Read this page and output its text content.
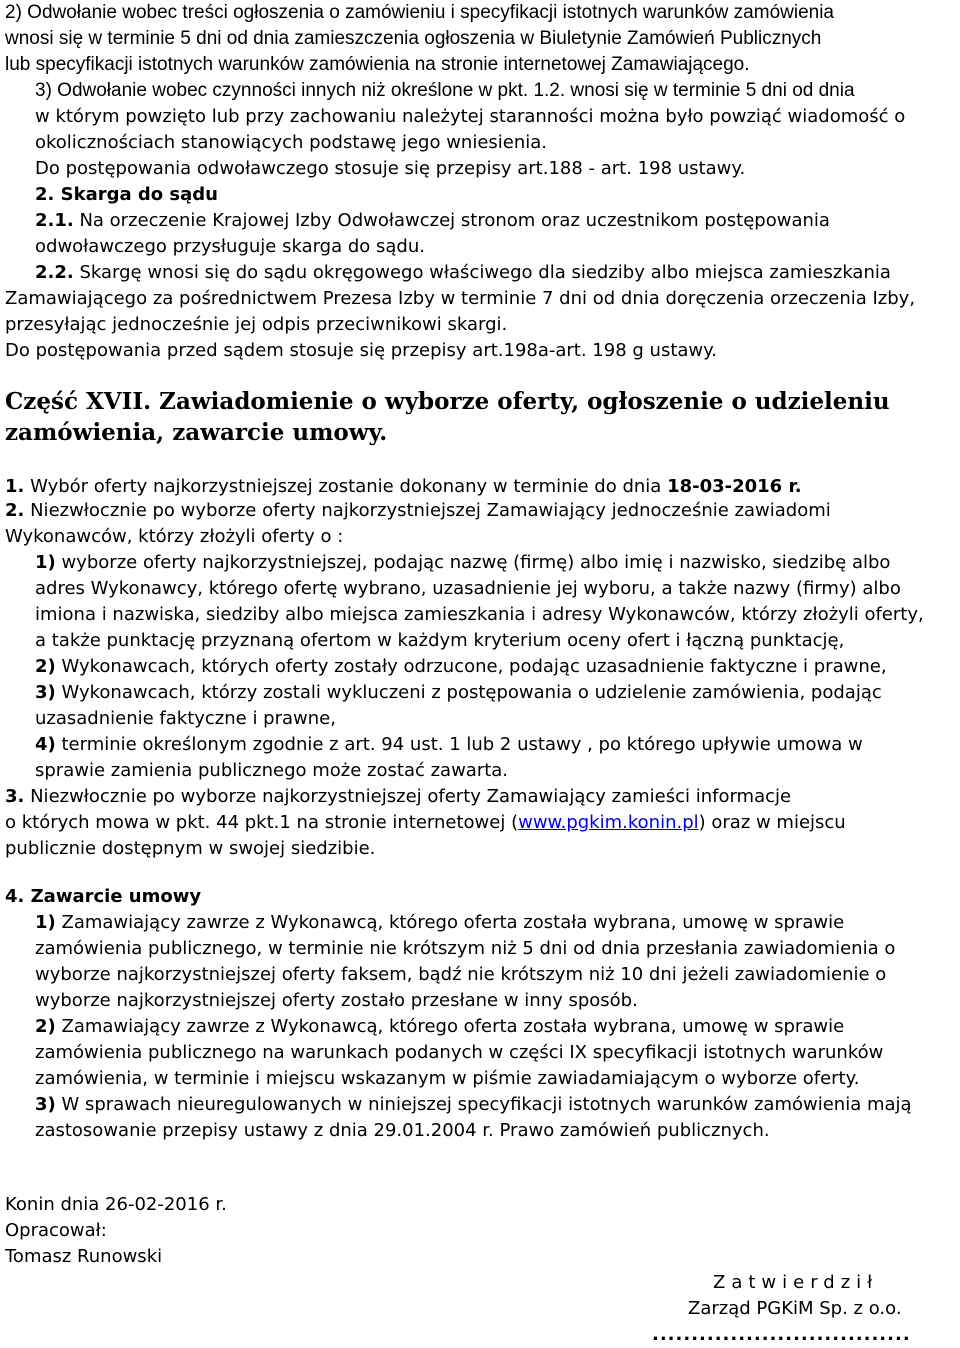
2) Odwołanie wobec treści ogłoszenia o zamówieniu i specyfikacji istotnych warunków zamówienia
wnosi się w terminie 5 dni od dnia zamieszczenia ogłoszenia w Biuletynie Zamówień Publicznych
lub specyfikacji istotnych warunków zamówienia na stronie internetowej Zamawiającego.
3) Odwołanie wobec czynności innych niż określone w pkt. 1.2. wnosi się w terminie 5 dni od dnia
w którym powzięto lub przy zachowaniu należytej staranności można było powziąć wiadomość o
okolicznościach stanowiących podstawę jego wniesienia.
Do postępowania odwoławczego stosuje się przepisy art.188 - art. 198 ustawy.
2. Skarga do sądu
2.1. Na orzeczenie Krajowej Izby Odwoławczej stronom oraz uczestnikom postępowania
odwoławczego przysługuje skarga do sądu.
2.2. Skargę wnosi się do sądu okręgowego właściwego dla siedziby albo miejsca zamieszkania
Zamawiającego za pośrednictwem Prezesa Izby w terminie 7 dni od dnia doręczenia orzeczenia Izby,
przesyłając jednocześnie jej odpis przeciwnikowi skargi.
Do postępowania przed sądem stosuje się przepisy art.198a-art. 198 g ustawy.
Część XVII. Zawiadomienie o wyborze oferty, ogłoszenie o udzieleniu
zamówienia, zawarcie umowy.
1. Wybór oferty najkorzystniejszej zostanie dokonany w terminie do dnia 18-03-2016 r.
2. Niezwłocznie po wyborze oferty najkorzystniejszej Zamawiający jednocześnie zawiadomi
Wykonawców, którzy złożyli oferty o :
1) wyborze oferty najkorzystniejszej, podając nazwę (firmę) albo imię i nazwisko, siedzibę albo
adres Wykonawcy, którego ofertę wybrano, uzasadnienie jej wyboru, a także nazwy (firmy) albo
imiona i nazwiska, siedziby albo miejsca zamieszkania i adresy Wykonawców, którzy złożyli oferty,
a także punktację przyznaną ofertom w każdym kryterium oceny ofert i łączną punktację,
2) Wykonawcach, których oferty zostały odrzucone, podając uzasadnienie faktyczne i prawne,
3) Wykonawcach, którzy zostali wykluczeni z postępowania o udzielenie zamówienia, podając
uzasadnienie faktyczne i prawne,
4) terminie określonym zgodnie z art. 94 ust. 1 lub 2 ustawy , po którego upływie umowa w
sprawie zamienia publicznego może zostać zawarta.
3. Niezwłocznie po wyborze najkorzystniejszej oferty Zamawiający zamieści informacje
o których mowa w pkt. 44 pkt.1 na stronie internetowej (www.pgkim.konin.pl) oraz w miejscu
publicznie dostępnym w swojej siedzibie.
4. Zawarcie umowy
1) Zamawiający zawrze z Wykonawcą, którego oferta została wybrana, umowę w sprawie
zamówienia publicznego, w terminie nie krótszym niż 5 dni od dnia przesłania zawiadomienia o
wyborze najkorzystniejszej oferty faksem, bądź nie krótszym niż 10 dni jeżeli zawiadomienie o
wyborze najkorzystniejszej oferty zostało przesłane w inny sposób.
2) Zamawiający zawrze z Wykonawcą, którego oferta została wybrana, umowę w sprawie
zamówienia publicznego na warunkach podanych w części IX specyfikacji istotnych warunków
zamówienia, w terminie i miejscu wskazanym w piśmie zawiadamiającym o wyborze oferty.
3) W sprawach nieuregulowanych w niniejszej specyfikacji istotnych warunków zamówienia mają
zastosowanie przepisy ustawy z dnia 29.01.2004 r. Prawo zamówień publicznych.
Konin dnia 26-02-2016 r.
Opracował:
Tomasz Runowski
Zatwierdził
Zarząd PGKiM Sp. z o.o.
.................................
